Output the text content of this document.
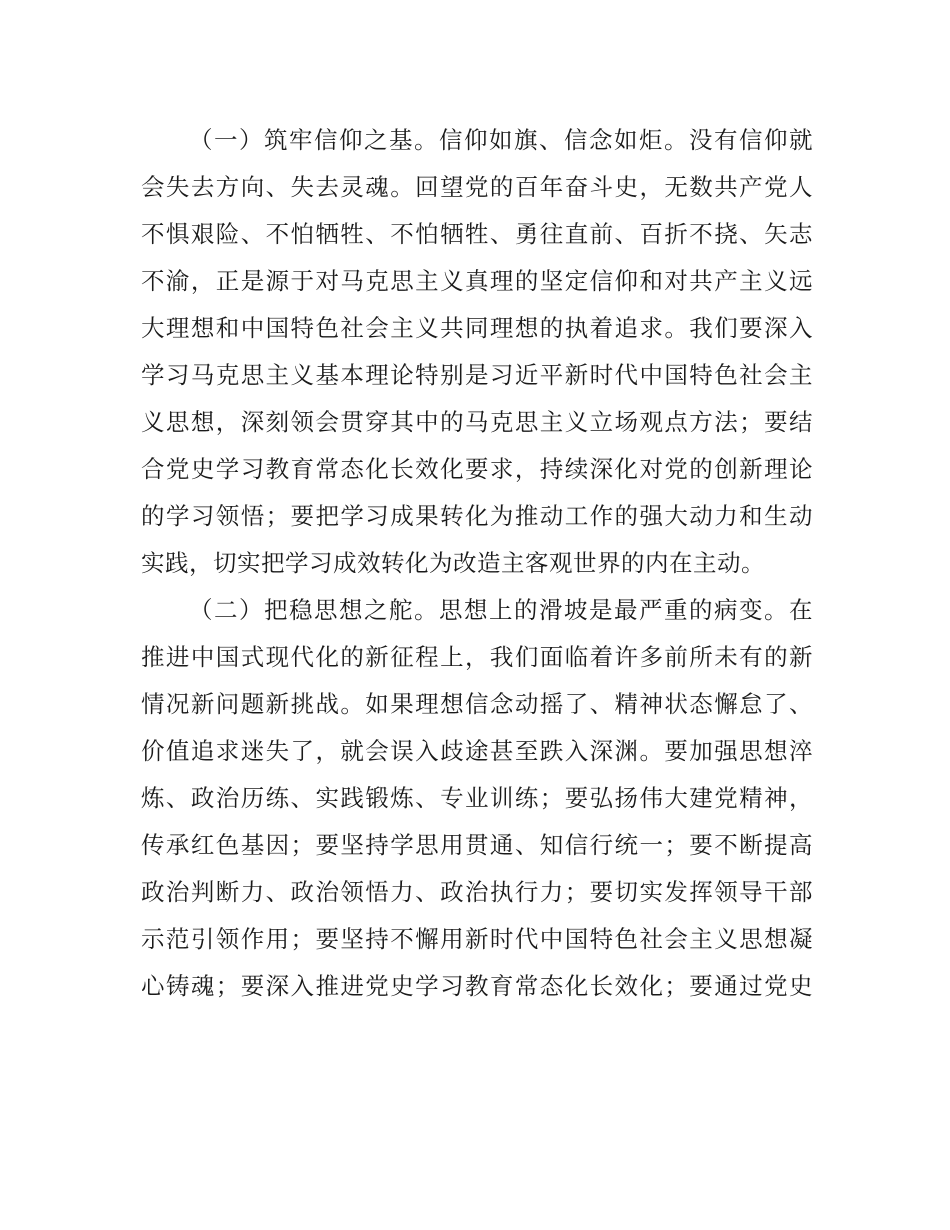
（一）筑牢信仰之基。信仰如旗、信念如炬。没有信仰就
会失去方向、失去灵魂。回望党的百年奋斗史，无数共产党人
不惧艰险、不怕牺牲、不怕牺牲、勇往直前、百折不挠、矢志
不渝，正是源于对马克思主义真理的坚定信仰和对共产主义远
大理想和中国特色社会主义共同理想的执着追求。我们要深入
学习马克思主义基本理论特别是习近平新时代中国特色社会主
义思想，深刻领会贯穿其中的马克思主义立场观点方法；要结
合党史学习教育常态化长效化要求，持续深化对党的创新理论
的学习领悟；要把学习成果转化为推动工作的强大动力和生动
实践，切实把学习成效转化为改造主客观世界的内在主动。
（二）把稳思想之舵。思想上的滑坡是最严重的病变。在
推进中国式现代化的新征程上，我们面临着许多前所未有的新
情况新问题新挑战。如果理想信念动摇了、精神状态懈怠了、
价值追求迷失了，就会误入歧途甚至跌入深渊。要加强思想淬
炼、政治历练、实践锻炼、专业训练；要弘扬伟大建党精神，
传承红色基因；要坚持学思用贯通、知信行统一；要不断提高
政治判断力、政治领悟力、政治执行力；要切实发挥领导干部
示范引领作用；要坚持不懈用新时代中国特色社会主义思想凝
心铸魂；要深入推进党史学习教育常态化长效化；要通过党史
